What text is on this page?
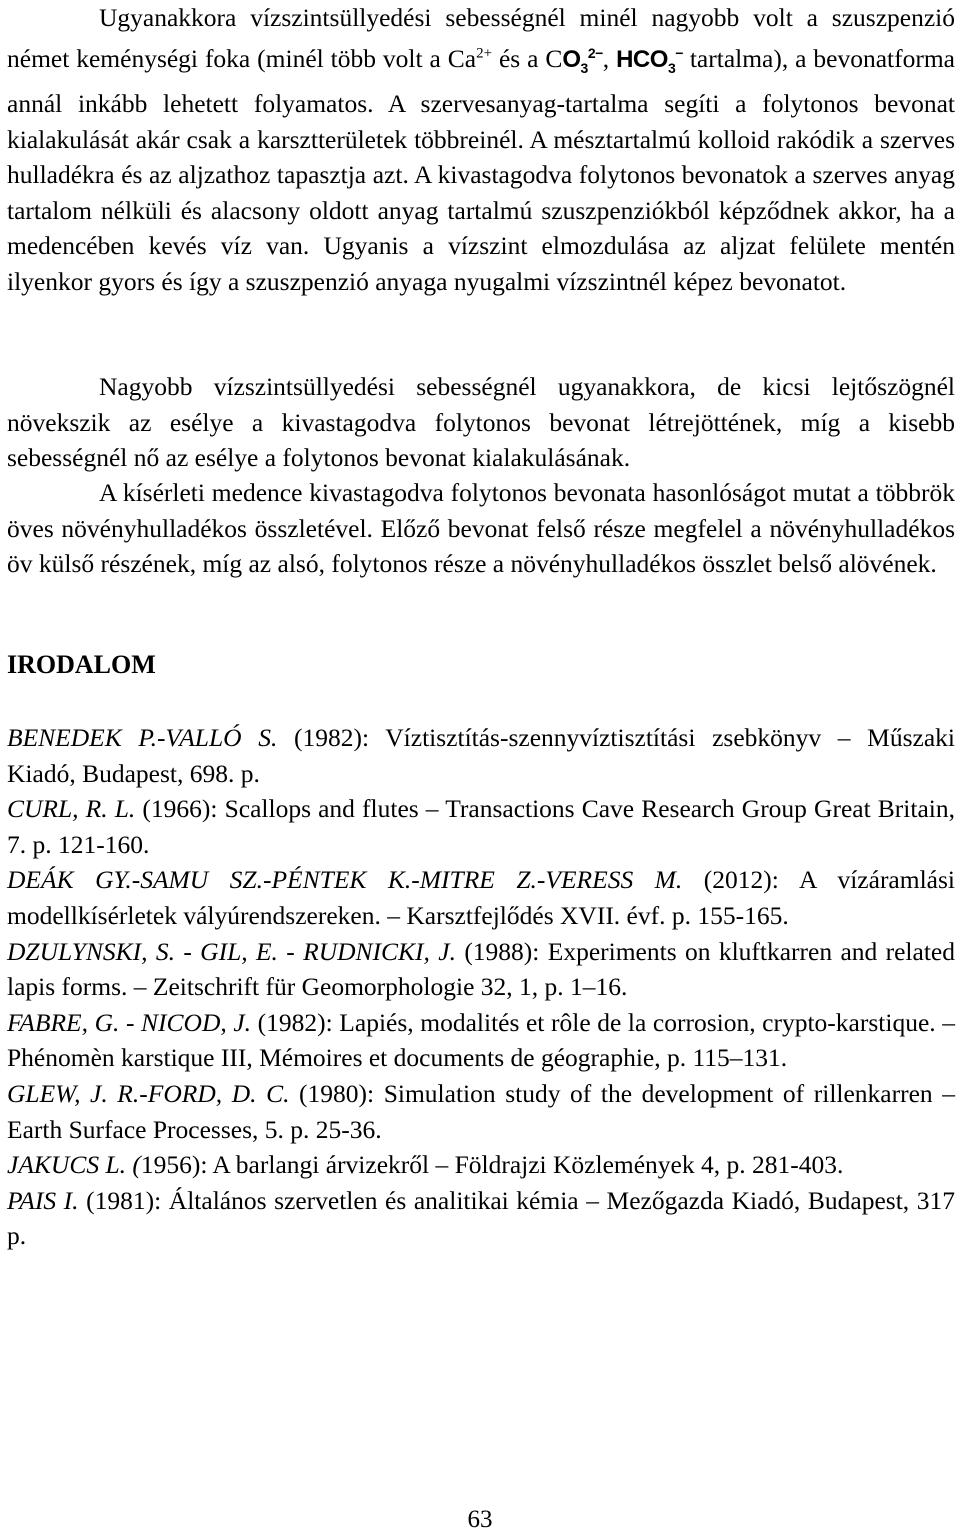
Ugyanakkora vízszintsüllyedési sebességnél minél nagyobb volt a szuszpenzió német keménységi foka (minél több volt a $Ca^{2+}$ és a $CO_3^{2-}$, $HCO_3^-$ tartalma), a bevonatforma annál inkább lehetett folyamatos. A szervesanyag-tartalma segíti a folytonos bevonat kialakulását akár csak a karsztterületek többreinél. A mésztartalmú kolloid rakódik a szerves hulladékra és az aljzathoz tapasztja azt. A kivastagodva folytonos bevonatok a szerves anyag tartalom nélküli és alacsony oldott anyag tartalmú szuszpenziókból képződnek akkor, ha a medencében kevés víz van. Ugyanis a vízszint elmozdulása az aljzat felülete mentén ilyenkor gyors és így a szuszpenzió anyaga nyugalmi vízszintnél képez bevonatot.

Nagyobb vízszintsüllyedési sebességnél ugyanakkora, de kicsi lejtőszögnél növekszik az esélye a kivastagodva folytonos bevonat létrejöttének, míg a kisebb sebességnél nő az esélye a folytonos bevonat kialakulásának.

A kísérleti medence kivastagodva folytonos bevonata hasonlóságot mutat a többrök öves növényhulladékos összletével. Előző bevonat felső része megfelel a növényhulladékos öv külső részének, míg az alsó, folytonos része a növényhulladékos összlet belső alövének.

IRODALOM

BENEDEK P.-VALLÓ S. (1982): Víztisztítás-szennyvíztisztítási zsebkönyv – Műszaki Kiadó, Budapest, 698. p.

CURL, R. L. (1966): Scallops and flutes – Transactions Cave Research Group Great Britain, 7. p. 121-160.

DEÁK GY.-SAMU SZ.-PÉNTEK K.-MITRE Z.-VERESS M. (2012): A vízáramlási modellkísérletek vályúrendszereken. – Karsztfejlődés XVII. évf. p. 155-165.

DZULYNSKI, S. - GIL, E. - RUDNICKI, J. (1988): Experiments on kluftkarren and related lapis forms. – Zeitschrift für Geomorphologie 32, 1, p. 1–16.

FABRE, G. - NICOD, J. (1982): Lapiés, modalités et rôle de la corrosion, crypto-karstique. – Phénomèn karstique III, Mémoires et documents de géographie, p. 115–131.

GLEW, J. R.-FORD, D. C. (1980): Simulation study of the development of rillenkarren – Earth Surface Processes, 5. p. 25-36.

JAKUCS L. (1956): A barlangi árvizekről – Földrajzi Közlemények 4, p. 281-403.

PAIS I. (1981): Általános szervetlen és analitikai kémia – Mezőgazda Kiadó, Budapest, 317 p.

63
